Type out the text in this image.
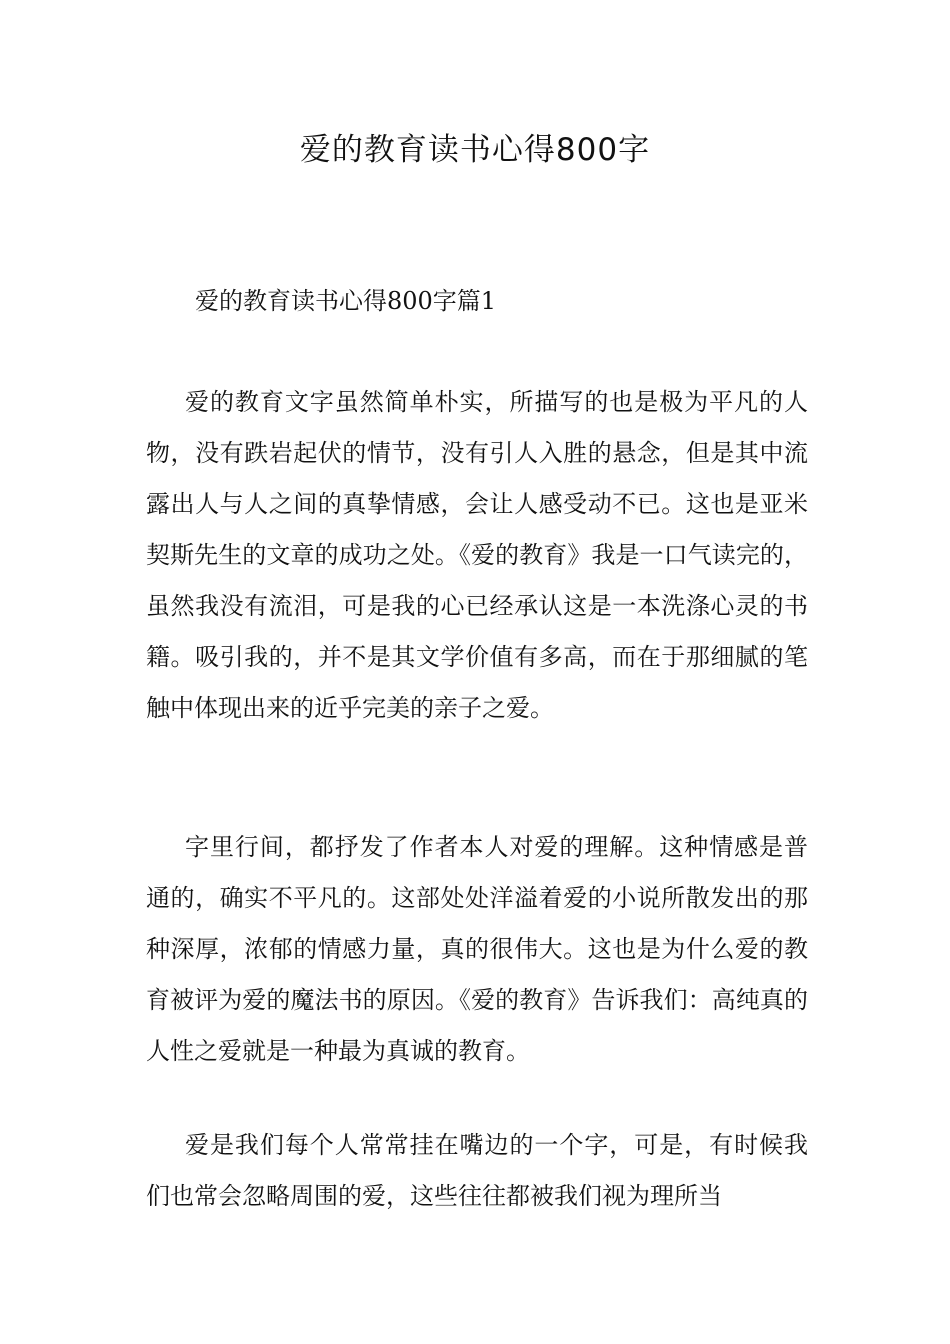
爱的教育读书心得800字

爱的教育读书心得800字篇1

爱的教育文字虽然简单朴实，所描写的也是极为平凡的人物，没有跌岩起伏的情节，没有引人入胜的悬念，但是其中流露出人与人之间的真挚情感，会让人感受动不已。这也是亚米契斯先生的文章的成功之处。《爱的教育》我是一口气读完的，虽然我没有流泪，可是我的心已经承认这是一本洗涤心灵的书籍。吸引我的，并不是其文学价值有多高，而在于那细腻的笔触中体现出来的近乎完美的亲子之爱。

字里行间，都抒发了作者本人对爱的理解。这种情感是普通的，确实不平凡的。这部处处洋溢着爱的小说所散发出的那种深厚，浓郁的情感力量，真的很伟大。这也是为什么爱的教育被评为爱的魔法书的原因。《爱的教育》告诉我们：高纯真的人性之爱就是一种最为真诚的教育。

爱是我们每个人常常挂在嘴边的一个字，可是，有时候我们也常会忽略周围的爱，这些往往都被我们视为理所当
